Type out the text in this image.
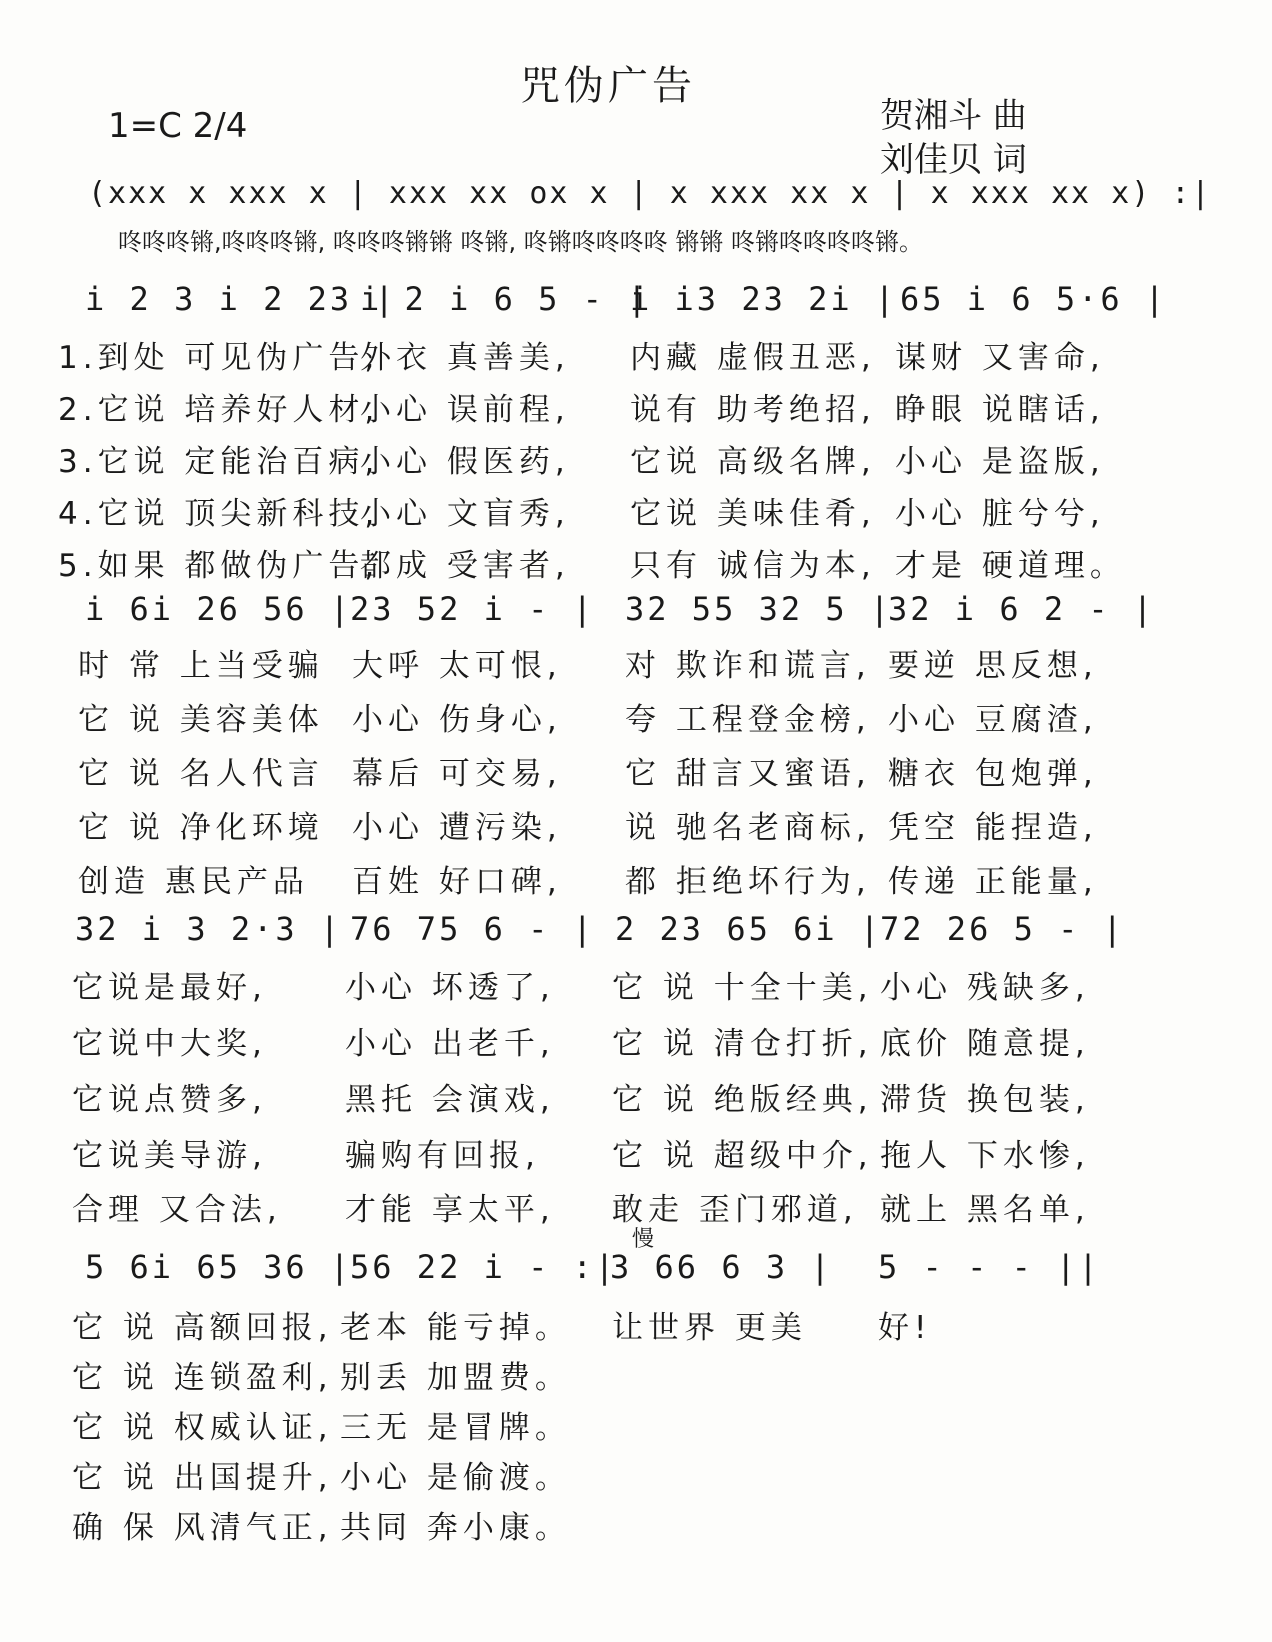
咒伪广告
1=C 2/4	贺湘斗 曲
刘佳贝 词
(xxx x xxx x | xxx xx ox x | x xxx xx x | x xxx xx x) :|
咚咚咚锵,咚咚咚锵, 咚咚咚锵锵 咚锵, 咚锵咚咚咚咚 锵锵 咚锵咚咚咚咚锵。
i 2 3 i 2 23 |
i 2 i 6 5 - |
i i3 23 2i | 65 i 6 5·6 |
1.到处 可见伪广告,
外衣 真善美, 内藏 虚假丑恶, 谋财 又害命,
2.它说 培养好人材,
小心 误前程, 说有 助考绝招, 睁眼 说瞎话,
3.它说 定能治百病,
小心 假医药, 它说 高级名牌, 小心 是盗版,
4.它说 顶尖新科技,
小心 文盲秀, 它说 美味佳肴, 小心 脏兮兮,
5.如果 都做伪广告,
都成 受害者, 只有 诚信为本, 才是 硬道理。
i 6i 26 56 |
23 52 i - | 32 55 32 5 |
32 i 6 2 - |
时 常 上当受骗 大呼 太可恨, 对 欺诈和谎言, 要逆 思反想,
它 说 美容美体 小心 伤身心, 夸 工程登金榜, 小心 豆腐渣,
它 说 名人代言 幕后 可交易, 它 甜言又蜜语, 糖衣 包炮弹,
它 说 净化环境 小心 遭污染, 说 驰名老商标, 凭空 能捏造,
创造 惠民产品 百姓 好口碑, 都 拒绝坏行为, 传递 正能量,
32 i 3 2·3 | 76 75 6 - | 2 23 65 6i |
72 26 5 - |
它说是最好,	小心 坏透了, 它 说 十全十美, 小心 残缺多,
它说中大奖,	小心 出老千, 它 说 清仓打折, 底价 随意提,
它说点赞多,	黑托 会演戏, 它 说 绝版经典, 滞货 换包装,
它说美导游,	骗购有回报, 它 说 超级中介, 拖人 下水惨,
合理 又合法, 才能 享太平, 敢走 歪门邪道, 就上 黑名单,
慢
5 6i 65 36 |
56 22 i - :|
3 66 6 3 | 5 - - - ||
它 说 高额回报, 老本 能亏掉。 让世界 更美 好!
它 说 连锁盈利, 别丢 加盟费。
它 说 权威认证, 三无 是冒牌。
它 说 出国提升, 小心 是偷渡。
确 保 风清气正, 共同 奔小康。
